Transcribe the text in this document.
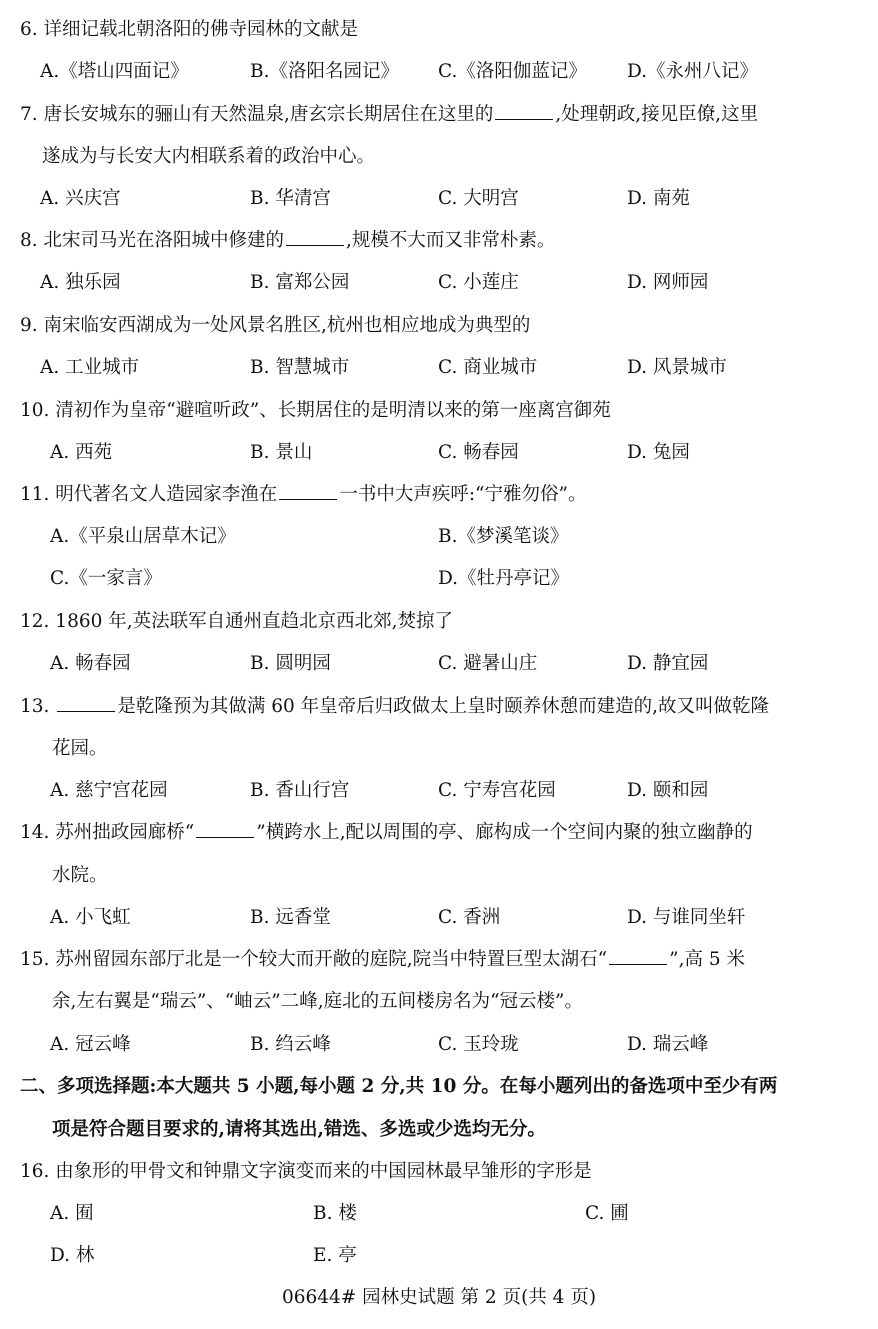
6. 详细记载北朝洛阳的佛寺园林的文献是
A.《塔山四面记》	B.《洛阳名园记》 C.《洛阳伽蓝记》 D.《永州八记》
7. 唐长安城东的骊山有天然温泉,唐玄宗长期居住在这里的	,处理朝政,接见臣僚,这里
遂成为与长安大内相联系着的政治中心。
A. 兴庆宫	B. 华清宫	C. 大明宫	D. 南苑
8. 北宋司马光在洛阳城中修建的	,规模不大而又非常朴素。
A. 独乐园	B. 富郑公园	C. 小莲庄	D. 网师园
9. 南宋临安西湖成为一处风景名胜区,杭州也相应地成为典型的
A. 工业城市	B. 智慧城市	C. 商业城市	D. 风景城市
10. 清初作为皇帝“避喧听政”、长期居住的是明清以来的第一座离宫御苑
A. 西苑	B. 景山	C. 畅春园	D. 兔园
11. 明代著名文人造园家李渔在	一书中大声疾呼:“宁雅勿俗”。
A.《平泉山居草木记》	B.《梦溪笔谈》
C.《一家言》	D.《牡丹亭记》
12. 1860 年,英法联军自通州直趋北京西北郊,焚掠了
A. 畅春园	B. 圆明园	C. 避暑山庄	D. 静宜园
13.	是乾隆预为其做满 60 年皇帝后归政做太上皇时颐养休憩而建造的,故又叫做乾隆
花园。
A. 慈宁宫花园	B. 香山行宫	C. 宁寿宫花园	D. 颐和园
14. 苏州拙政园廊桥“	”横跨水上,配以周围的亭、廊构成一个空间内聚的独立幽静的
水院。
A. 小飞虹	B. 远香堂	C. 香洲	D. 与谁同坐轩
15. 苏州留园东部厅北是一个较大而开敞的庭院,院当中特置巨型太湖石“	”,高 5 米
余,左右翼是“瑞云”、“岫云”二峰,庭北的五间楼房名为“冠云楼”。
A. 冠云峰	B. 绉云峰	C. 玉玲珑	D. 瑞云峰
二、多项选择题:本大题共 5 小题,每小题 2 分,共 10 分。在每小题列出的备选项中至少有两
项是符合题目要求的,请将其选出,错选、多选或少选均无分。
16. 由象形的甲骨文和钟鼎文字演变而来的中国园林最早雏形的字形是
A. 囿	B. 楼	C. 圃
D. 林	E. 亭
06644# 园林史试题 第 2 页(共 4 页)
